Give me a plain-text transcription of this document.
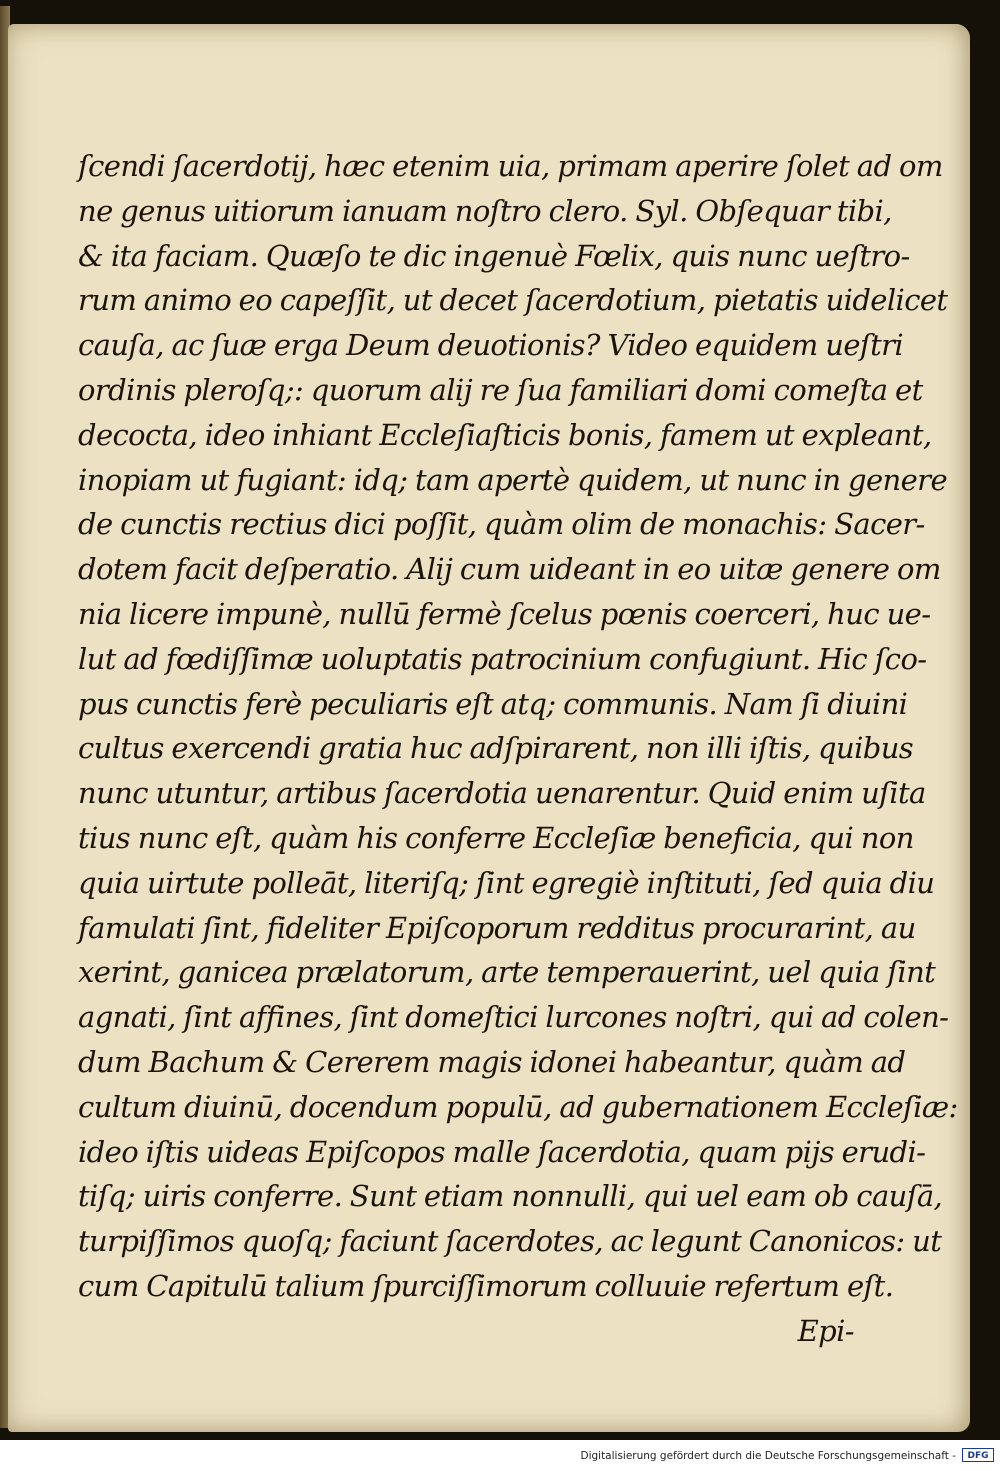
ſcendi ſacerdotij, hæc etenim uia, primam aperire ſolet ad om
ne genus uitiorum ianuam noſtro clero. Syl. Obſequar tibi,
& ita faciam. Quæſo te dic ingenuè Fœlix, quis nunc ueſtro-
rum animo eo capeſſit, ut decet ſacerdotium, pietatis uidelicet
cauſa, ac ſuæ erga Deum deuotionis? Video equidem ueſtri
ordinis pleroſq;: quorum alij re ſua familiari domi comeſta et
decocta, ideo inhiant Eccleſiaſticis bonis, famem ut expleant,
inopiam ut fugiant: idq; tam apertè quidem, ut nunc in genere
de cunctis rectius dici poſſit, quàm olim de monachis: Sacer-
dotem facit deſperatio. Alij cum uideant in eo uitæ genere om
nia licere impunè, nullū fermè ſcelus pœnis coerceri, huc ue-
lut ad fœdiſſimæ uoluptatis patrocinium confugiunt. Hic ſco-
pus cunctis ferè peculiaris eſt atq; communis. Nam ſi diuini
cultus exercendi gratia huc adſpirarent, non illi iſtis, quibus
nunc utuntur, artibus ſacerdotia uenarentur. Quid enim uſita
tius nunc eſt, quàm his conferre Eccleſiæ beneficia, qui non
quia uirtute polleāt, literiſq; ſint egregiè inſtituti, ſed quia diu
famulati ſint, fideliter Epiſcoporum redditus procurarint, au
xerint, ganicea prælatorum, arte temperauerint, uel quia ſint
agnati, ſint affines, ſint domeſtici lurcones noſtri, qui ad colen-
dum Bachum & Cererem magis idonei habeantur, quàm ad
cultum diuinū, docendum populū, ad gubernationem Eccleſiæ:
ideo iſtis uideas Epiſcopos malle ſacerdotia, quam pijs erudi-
tiſq; uiris conferre. Sunt etiam nonnulli, qui uel eam ob cauſā,
turpiſſimos quoſq; faciunt ſacerdotes, ac legunt Canonicos: ut
cum Capitulū talium ſpurciſſimorum colluuie refertum eſt.
Epi-
Digitalisierung gefördert durch die Deutsche Forschungsgemeinschaft -	DFG
